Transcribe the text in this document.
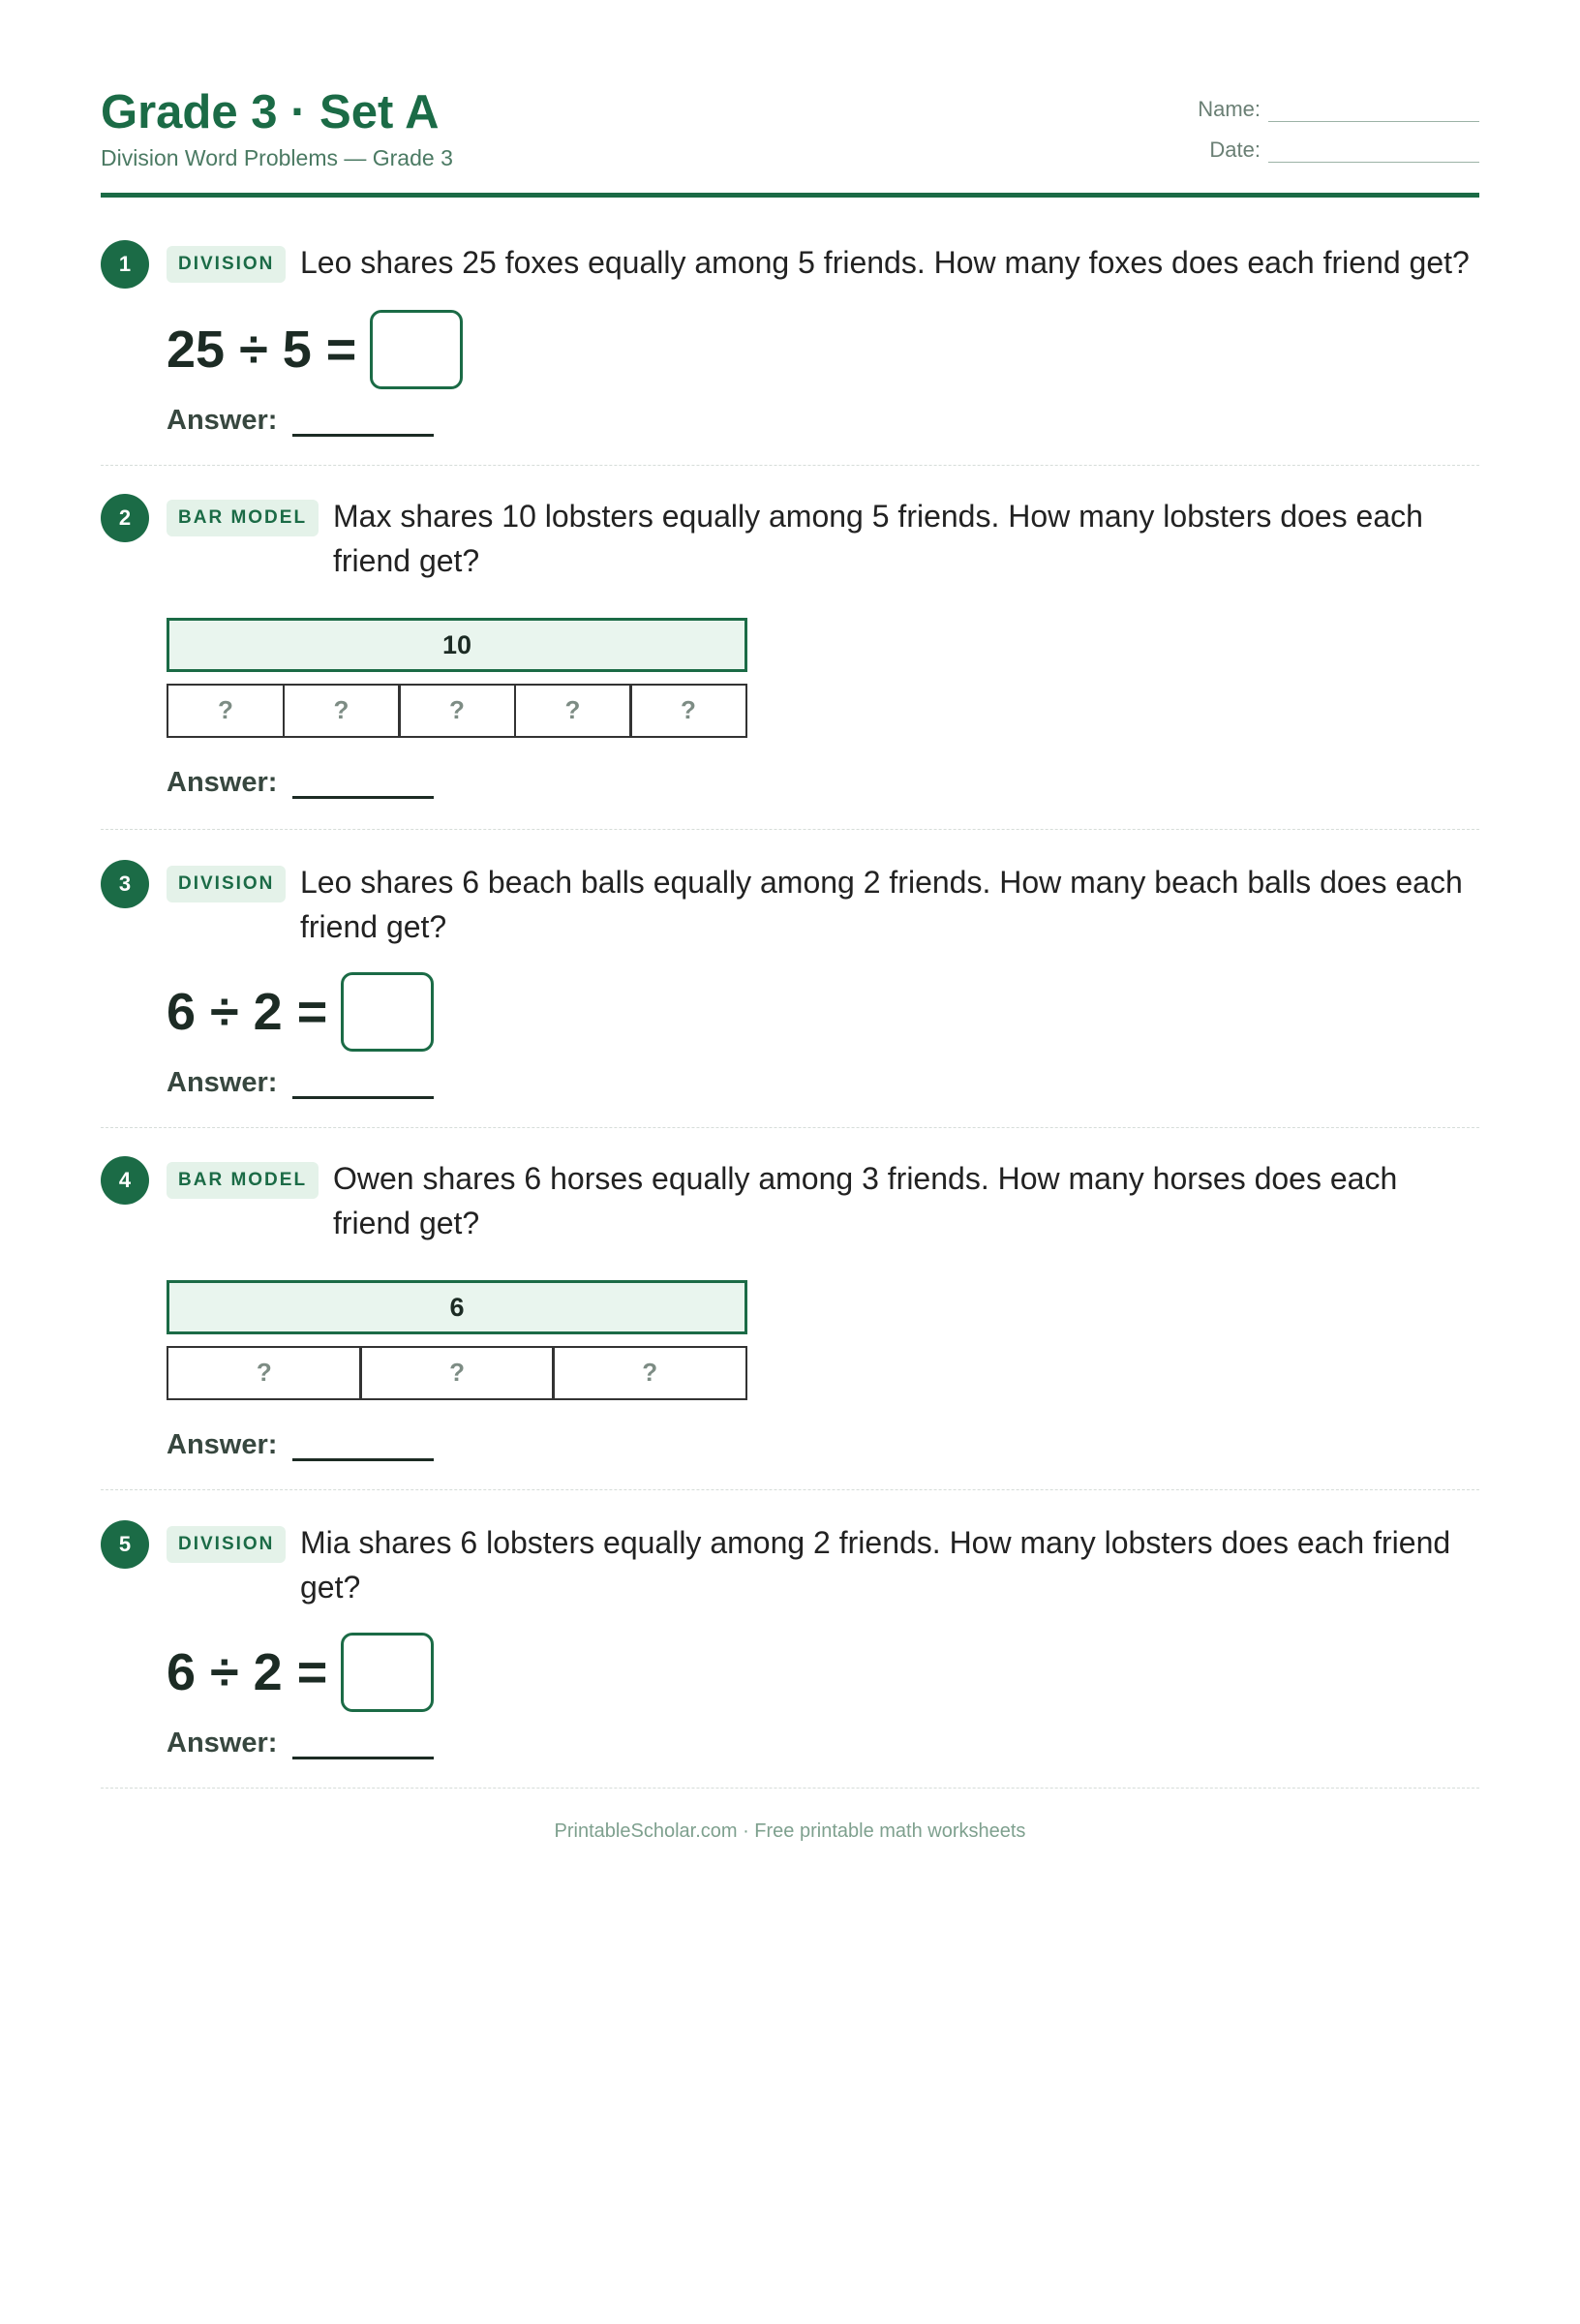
Grade 3 · Set A
Division Word Problems — Grade 3
Name:
Date:
1	DIVISION Leo shares 25 foxes equally among 5 friends. How many foxes does each friend get?
25 ÷ 5 =
Answer:
2	BAR MODEL Max shares 10 lobsters equally among 5 friends. How many lobsters does each friend get?
10
?	?	?	?	?
Answer:
3	DIVISION Leo shares 6 beach balls equally among 2 friends. How many beach balls does each friend get?
6 ÷ 2 =
Answer:
4	BAR MODEL Owen shares 6 horses equally among 3 friends. How many horses does each friend get?
6
?	?	?
Answer:
5	DIVISION Mia shares 6 lobsters equally among 2 friends. How many lobsters does each friend get?
6 ÷ 2 =
Answer:
PrintableScholar.com · Free printable math worksheets
